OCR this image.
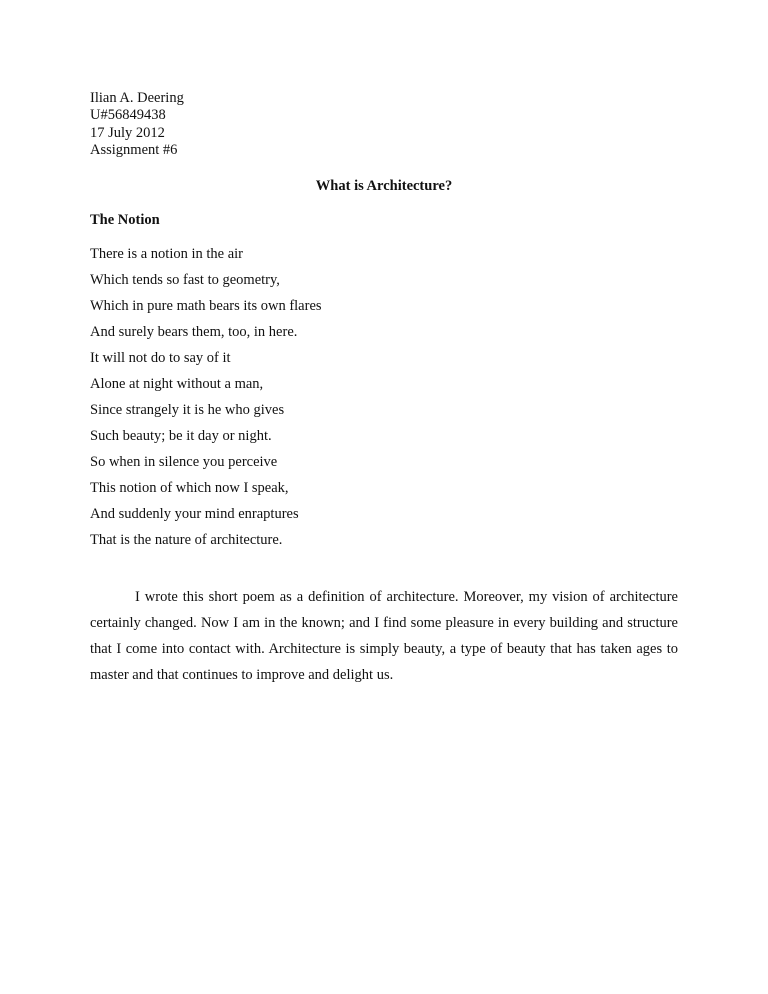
Ilian A. Deering
U#56849438
17 July 2012
Assignment #6
What is Architecture?
The Notion
There is a notion in the air
Which tends so fast to geometry,
Which in pure math bears its own flares
And surely bears them, too, in here.
It will not do to say of it
Alone at night without a man,
Since strangely it is he who gives
Such beauty; be it day or night.
So when in silence you perceive
This notion of which now I speak,
And suddenly your mind enraptures
That is the nature of architecture.

I wrote this short poem as a definition of architecture. Moreover, my vision of architecture certainly changed. Now I am in the known; and I find some pleasure in every building and structure that I come into contact with. Architecture is simply beauty, a type of beauty that has taken ages to master and that continues to improve and delight us.
